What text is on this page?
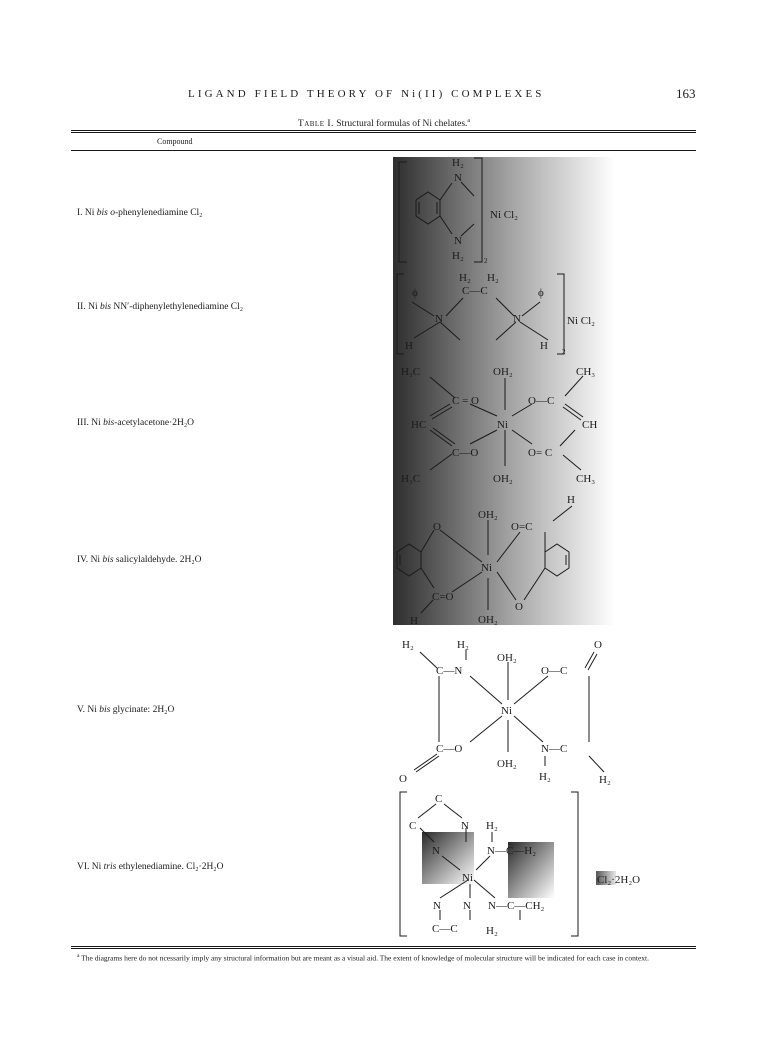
LIGAND FIELD THEORY OF Ni(II) COMPLEXES	163
Table I. Structural formulas of Ni chelates.$^a$
Compound
I. Ni bis o-phenylenediamine Cl₂
II. Ni bis NN′-diphenylethylenediamine Cl₂
III. Ni bis-acetylacetone·2H₂O
IV. Ni bis salicylaldehyde. 2H₂O
V. Ni bis glycinate: 2H₂O
VI. Ni tris ethylenediamine. Cl₂·2H₂O
H₂
N
N
H₂	2
Ni Cl₂
H₂ H₂
C—C
ϕ	ϕ
N	N
H	H 2
Ni Cl₂
H₃C	OH₂	CH₃
C = O	O—C
HC	Ni	CH
C—O	O= C
H₃C	OH₂	CH₃
H
OH₂
O	O=C
Ni
C=O
H
O
OH₂
H₂	H₂	O
OH₂
C—N	O—C
Ni
C—O	N—C
O
OH₂
H₂	H₂
C
C	N H₂
N	N—C—H₂
Ni
N N N—C—CH₂
C—C	H₂
Cl₂·2H₂O
$^a$ The diagrams here do not ncessarily imply any structural information but are meant as a visual aid. The extent of knowledge of molecular structure will be indicated for each case in context.
